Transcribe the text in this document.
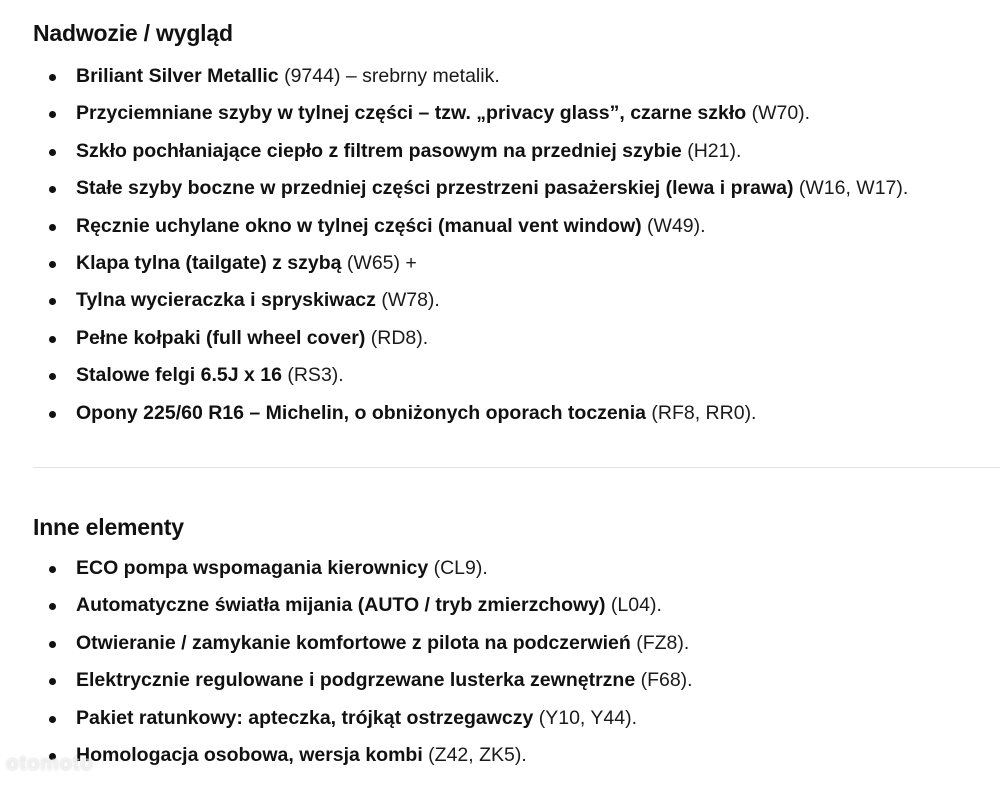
Nadwozie / wygląd
Briliant Silver Metallic (9744) – srebrny metalik.
Przyciemniane szyby w tylnej części – tzw. „privacy glass”, czarne szkło (W70).
Szkło pochłaniające ciepło z filtrem pasowym na przedniej szybie (H21).
Stałe szyby boczne w przedniej części przestrzeni pasażerskiej (lewa i prawa) (W16, W17).
Ręcznie uchylane okno w tylnej części (manual vent window) (W49).
Klapa tylna (tailgate) z szybą (W65) +
Tylna wycieraczka i spryskiwacz (W78).
Pełne kołpaki (full wheel cover) (RD8).
Stalowe felgi 6.5J x 16 (RS3).
Opony 225/60 R16 – Michelin, o obniżonych oporach toczenia (RF8, RR0).
Inne elementy
ECO pompa wspomagania kierownicy (CL9).
Automatyczne światła mijania (AUTO / tryb zmierzchowy) (L04).
Otwieranie / zamykanie komfortowe z pilota na podczerwień (FZ8).
Elektrycznie regulowane i podgrzewane lusterka zewnętrzne (F68).
Pakiet ratunkowy: apteczka, trójkąt ostrzegawczy (Y10, Y44).
Homologacja osobowa, wersja kombi (Z42, ZK5).
otomoto
